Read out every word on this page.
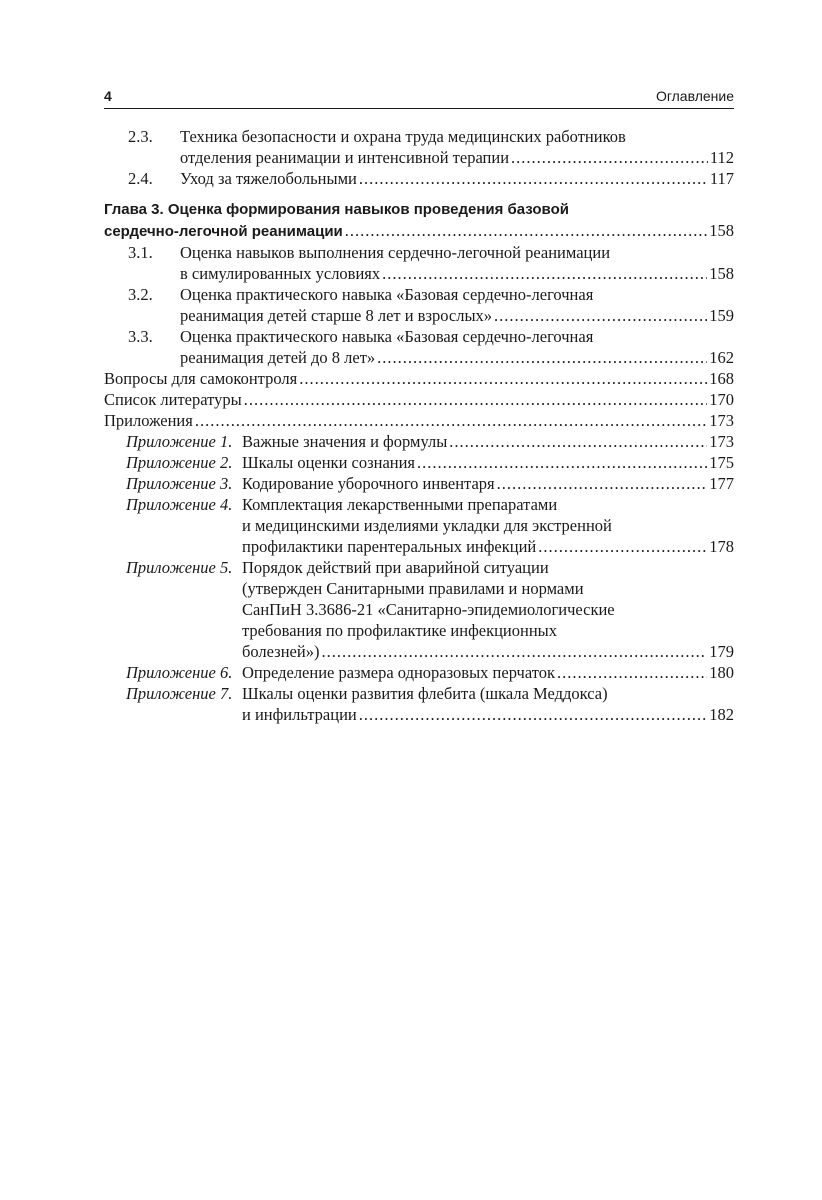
4	Оглавление
2.3. Техника безопасности и охрана труда медицинских работников
отделения реанимации и интенсивной терапии .....	112
2.4. Уход за тяжелобольными .....	117
Глава 3. Оценка формирования навыков проведения базовой
сердечно-легочной реанимации .....	158
3.1. Оценка навыков выполнения сердечно-легочной реанимации
в симулированных условиях .....	158
3.2. Оценка практического навыка «Базовая сердечно-легочная
реанимация детей старше 8 лет и взрослых» .....	159
3.3. Оценка практического навыка «Базовая сердечно-легочная
реанимация детей до 8 лет» .....	162
Вопросы для самоконтроля .....	168
Список литературы .....	170
Приложения .....	173
Приложение 1. Важные значения и формулы .....	173
Приложение 2. Шкалы оценки сознания .....	175
Приложение 3. Кодирование уборочного инвентаря .....	177
Приложение 4. Комплектация лекарственными препаратами
и медицинскими изделиями укладки для экстренной
профилактики парентеральных инфекций .....	178
Приложение 5. Порядок действий при аварийной ситуации
(утвержден Санитарными правилами и нормами
СанПиН 3.3686-21 «Санитарно-эпидемиологические
требования по профилактике инфекционных
болезней») .....	179
Приложение 6. Определение размера одноразовых перчаток .....	180
Приложение 7. Шкалы оценки развития флебита (шкала Меддокса)
и инфильтрации .....	182
